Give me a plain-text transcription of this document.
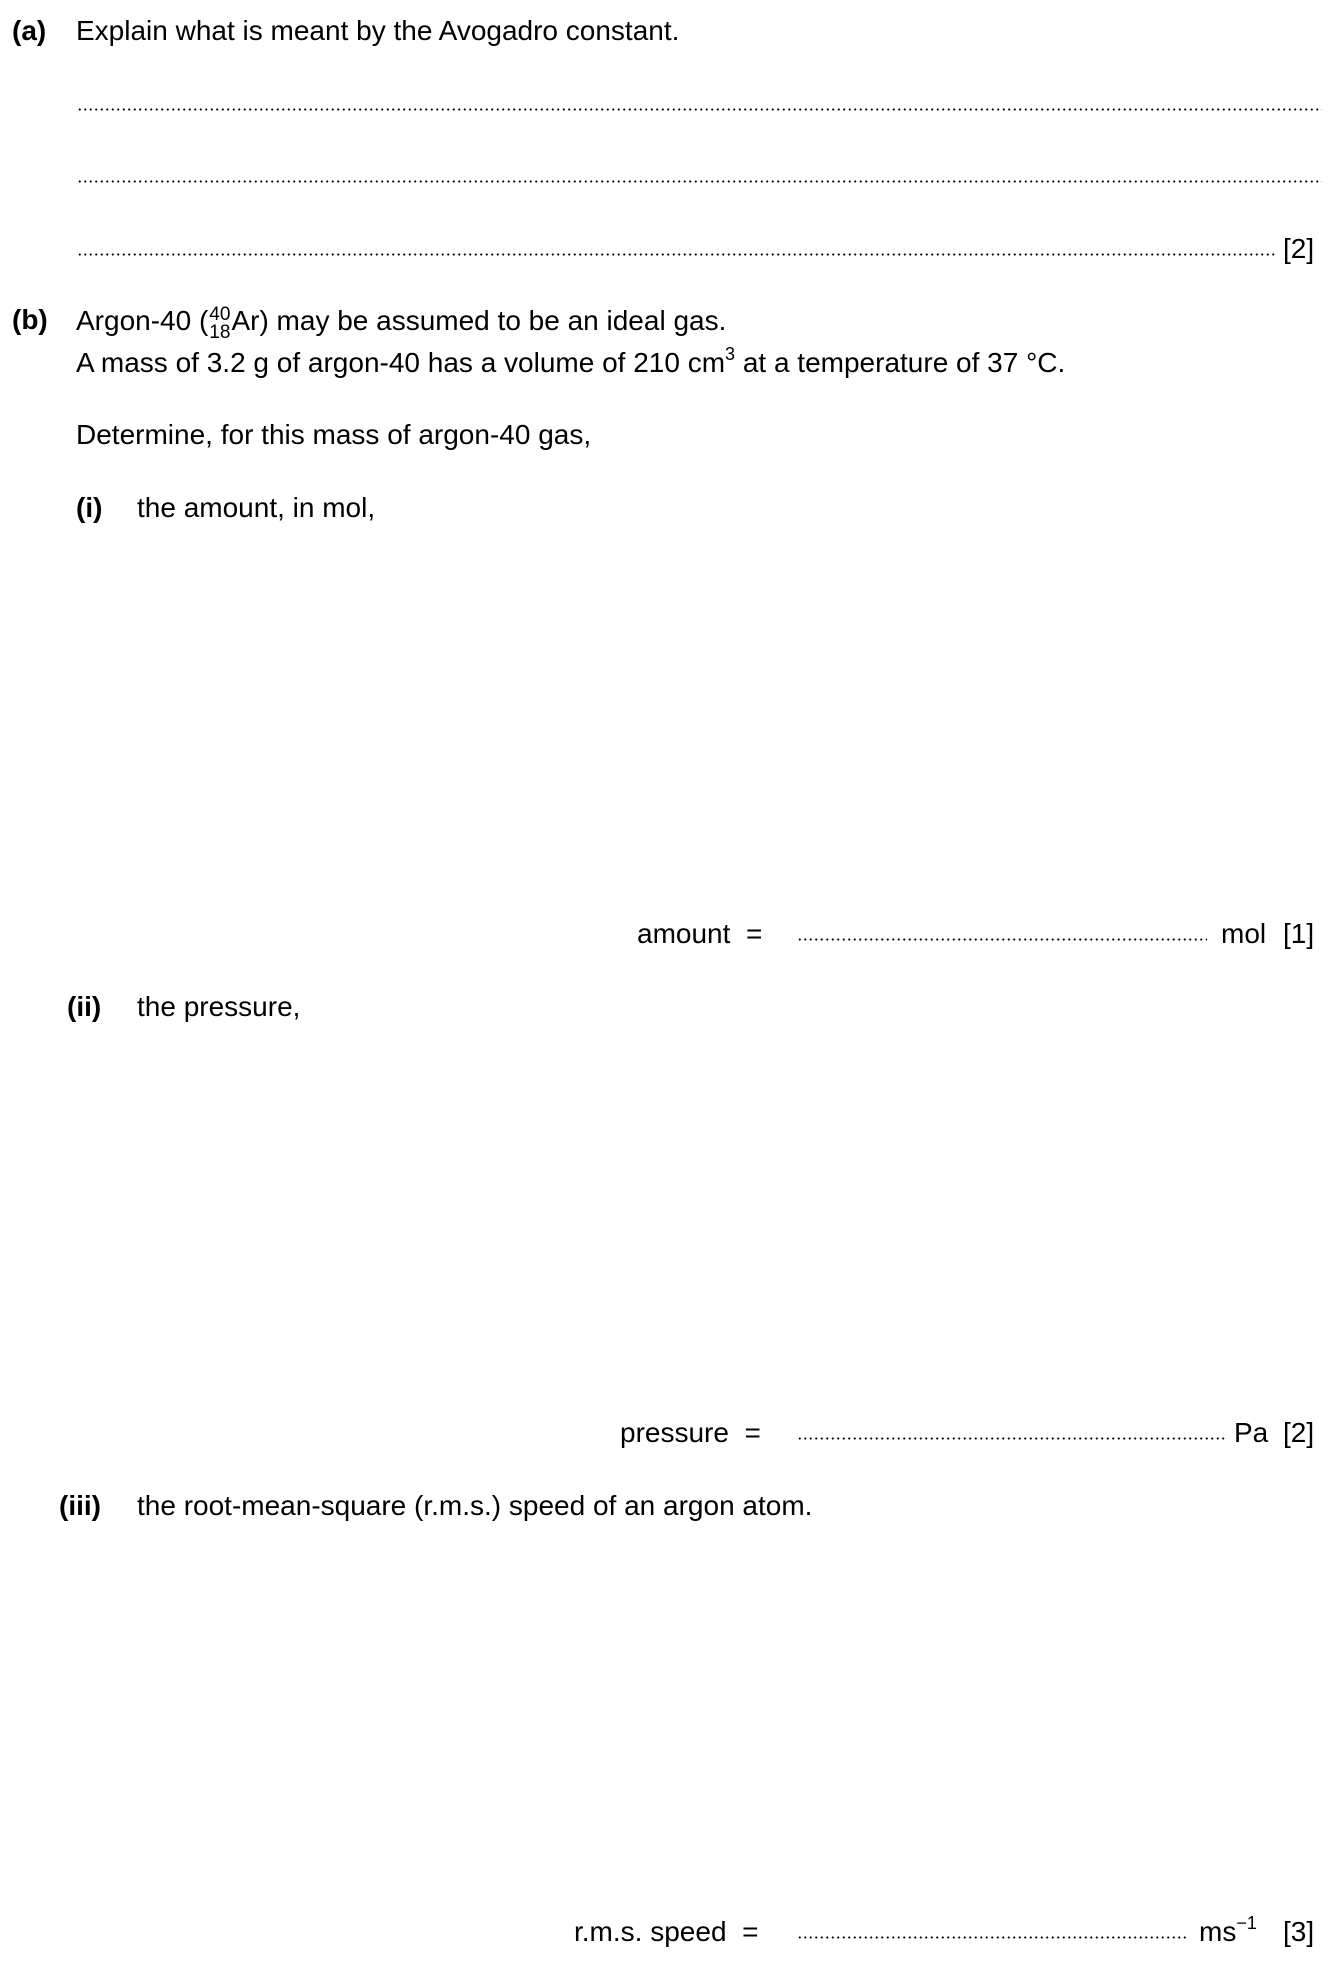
(a) Explain what is meant by the Avogadro constant.
[2]
(b) Argon-40 ( 40
18 Ar) may be assumed to be an ideal gas.
A mass of 3.2 g of argon-40 has a volume of 210 $cm^3$ at a temperature of 37 °C.
Determine, for this mass of argon-40 gas,
(i) the amount, in mol,
amount  =	mol [1]
(ii) the pressure,
pressure  =	Pa [2]
(iii) the root-mean-square (r.m.s.) speed of an argon atom.
r.m.s. speed  =	$ms^{-1}$ [3]
